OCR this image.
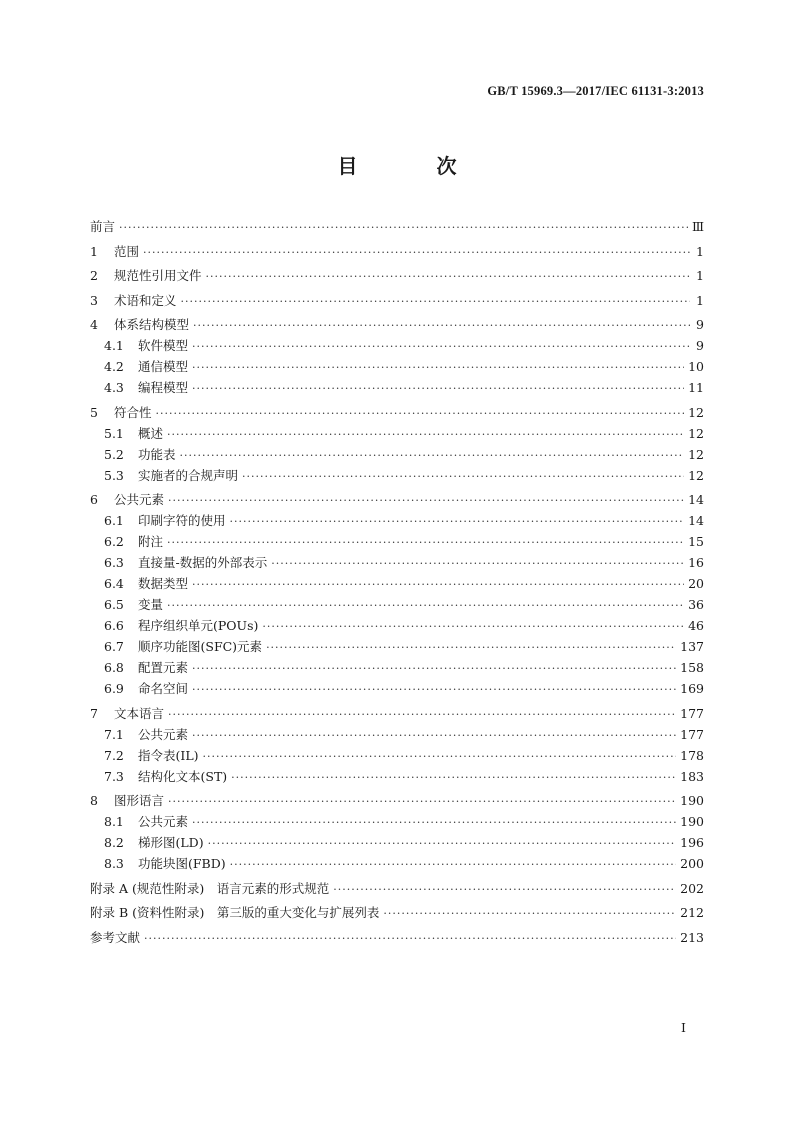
GB/T 15969.3—2017/IEC 61131-3:2013
目 次
前言 ·····	Ⅲ
1	范围 ·····	1
2	规范性引用文件 ·····	1
3	术语和定义 ·····	1
4	体系结构模型 ·····	9
4.1	软件模型 ·····	9
4.2	通信模型 ·····	10
4.3	编程模型 ·····	11
5	符合性 ·····	12
5.1	概述 ·····	12
5.2	功能表 ·····	12
5.3	实施者的合规声明 ·····	12
6	公共元素 ·····	14
6.1	印刷字符的使用 ·····	14
6.2	附注 ·····	15
6.3	直接量-数据的外部表示 ·····	16
6.4	数据类型 ·····	20
6.5	变量 ·····	36
6.6	程序组织单元(POUs) ·····	46
6.7	顺序功能图(SFC)元素 ·····	137
6.8	配置元素 ·····	158
6.9	命名空间 ·····	169
7	文本语言 ·····	177
7.1	公共元素 ·····	177
7.2	指令表(IL) ·····	178
7.3	结构化文本(ST) ·····	183
8	图形语言 ·····	190
8.1	公共元素 ·····	190
8.2	梯形图(LD) ·····	196
8.3	功能块图(FBD) ·····	200
附录 A (规范性附录)　语言元素的形式规范 ·····	202
附录 B (资料性附录)　第三版的重大变化与扩展列表 ·····	212
参考文献 ·····	213
I
